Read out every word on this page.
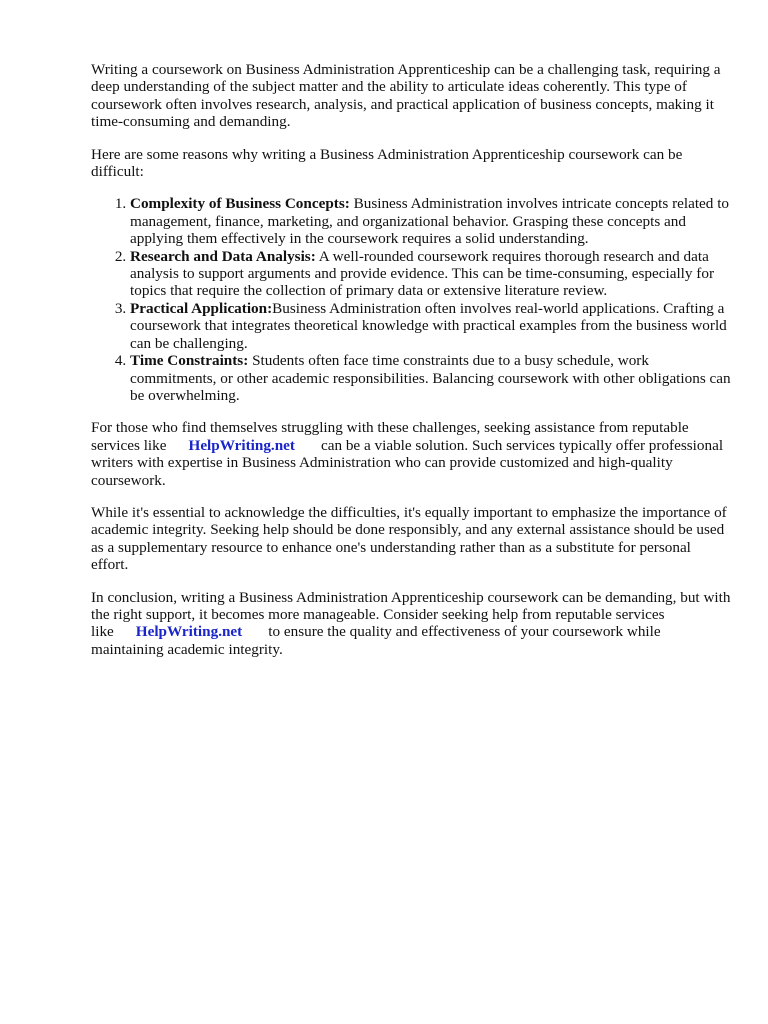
Writing a coursework on Business Administration Apprenticeship can be a challenging task, requiring a deep understanding of the subject matter and the ability to articulate ideas coherently. This type of coursework often involves research, analysis, and practical application of business concepts, making it time-consuming and demanding.

Here are some reasons why writing a Business Administration Apprenticeship coursework can be difficult:

1. Complexity of Business Concepts: Business Administration involves intricate concepts related to management, finance, marketing, and organizational behavior. Grasping these concepts and applying them effectively in the coursework requires a solid understanding.
2. Research and Data Analysis: A well-rounded coursework requires thorough research and data analysis to support arguments and provide evidence. This can be time-consuming, especially for topics that require the collection of primary data or extensive literature review.
3. Practical Application:Business Administration often involves real-world applications. Crafting a coursework that integrates theoretical knowledge with practical examples from the business world can be challenging.
4. Time Constraints: Students often face time constraints due to a busy schedule, work commitments, or other academic responsibilities. Balancing coursework with other obligations can be overwhelming.

For those who find themselves struggling with these challenges, seeking assistance from reputable services like HelpWriting.net can be a viable solution. Such services typically offer professional writers with expertise in Business Administration who can provide customized and high-quality coursework.

While it's essential to acknowledge the difficulties, it's equally important to emphasize the importance of academic integrity. Seeking help should be done responsibly, and any external assistance should be used as a supplementary resource to enhance one's understanding rather than as a substitute for personal effort.

In conclusion, writing a Business Administration Apprenticeship coursework can be demanding, but with the right support, it becomes more manageable. Consider seeking help from reputable services like HelpWriting.net to ensure the quality and effectiveness of your coursework while maintaining academic integrity.
